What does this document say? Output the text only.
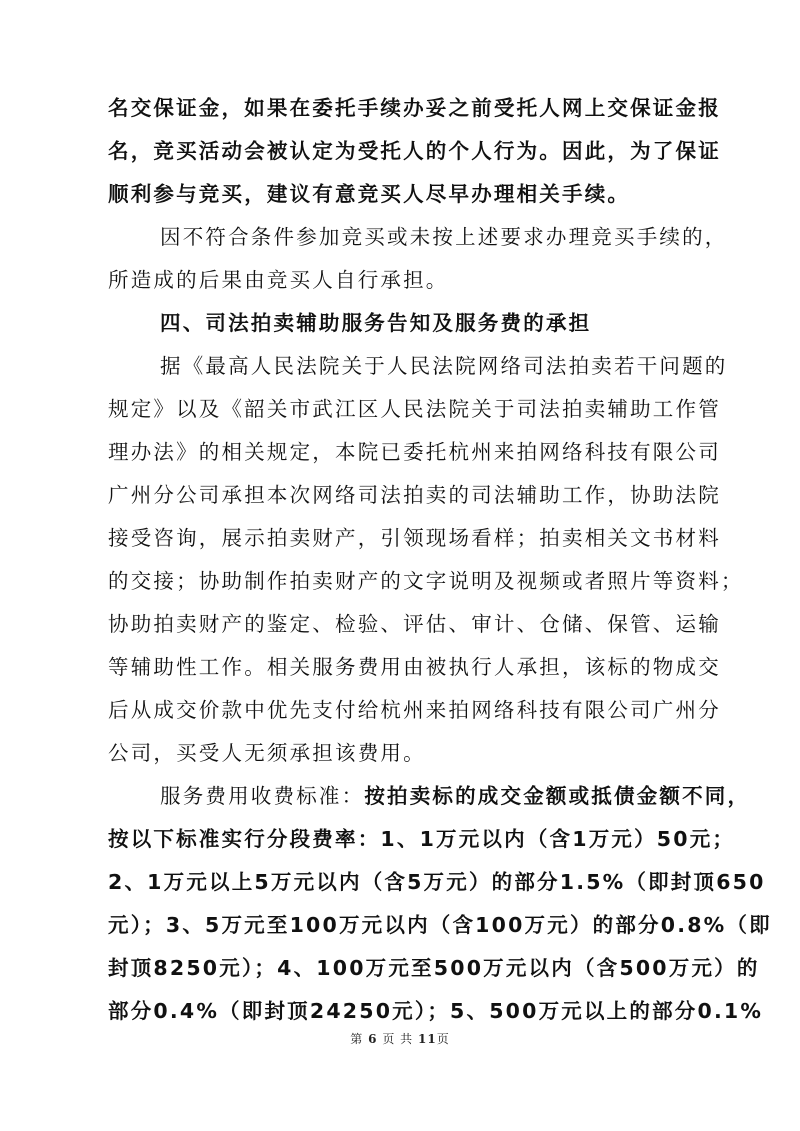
名交保证金，如果在委托手续办妥之前受托人网上交保证金报
名，竞买活动会被认定为受托人的个人行为。因此，为了保证
顺利参与竞买，建议有意竞买人尽早办理相关手续。
因不符合条件参加竞买或未按上述要求办理竞买手续的，
所造成的后果由竞买人自行承担。
四、司法拍卖辅助服务告知及服务费的承担
据《最高人民法院关于人民法院网络司法拍卖若干问题的
规定》以及《韶关市武江区人民法院关于司法拍卖辅助工作管
理办法》的相关规定，本院已委托杭州来拍网络科技有限公司
广州分公司承担本次网络司法拍卖的司法辅助工作，协助法院
接受咨询，展示拍卖财产，引领现场看样；拍卖相关文书材料
的交接；协助制作拍卖财产的文字说明及视频或者照片等资料；
协助拍卖财产的鉴定、检验、评估、审计、仓储、保管、运输
等辅助性工作。相关服务费用由被执行人承担，该标的物成交
后从成交价款中优先支付给杭州来拍网络科技有限公司广州分
公司，买受人无须承担该费用。
服务费用收费标准：按拍卖标的成交金额或抵债金额不同，
按以下标准实行分段费率：1、1万元以内（含1万元）50元；
2、1万元以上5万元以内（含5万元）的部分1.5%（即封顶650
元）；3、5万元至100万元以内（含100万元）的部分0.8%（即
封顶8250元）；4、100万元至500万元以内（含500万元）的
部分0.4%（即封顶24250元）；5、500万元以上的部分0.1%
第 6 页 共 11页
